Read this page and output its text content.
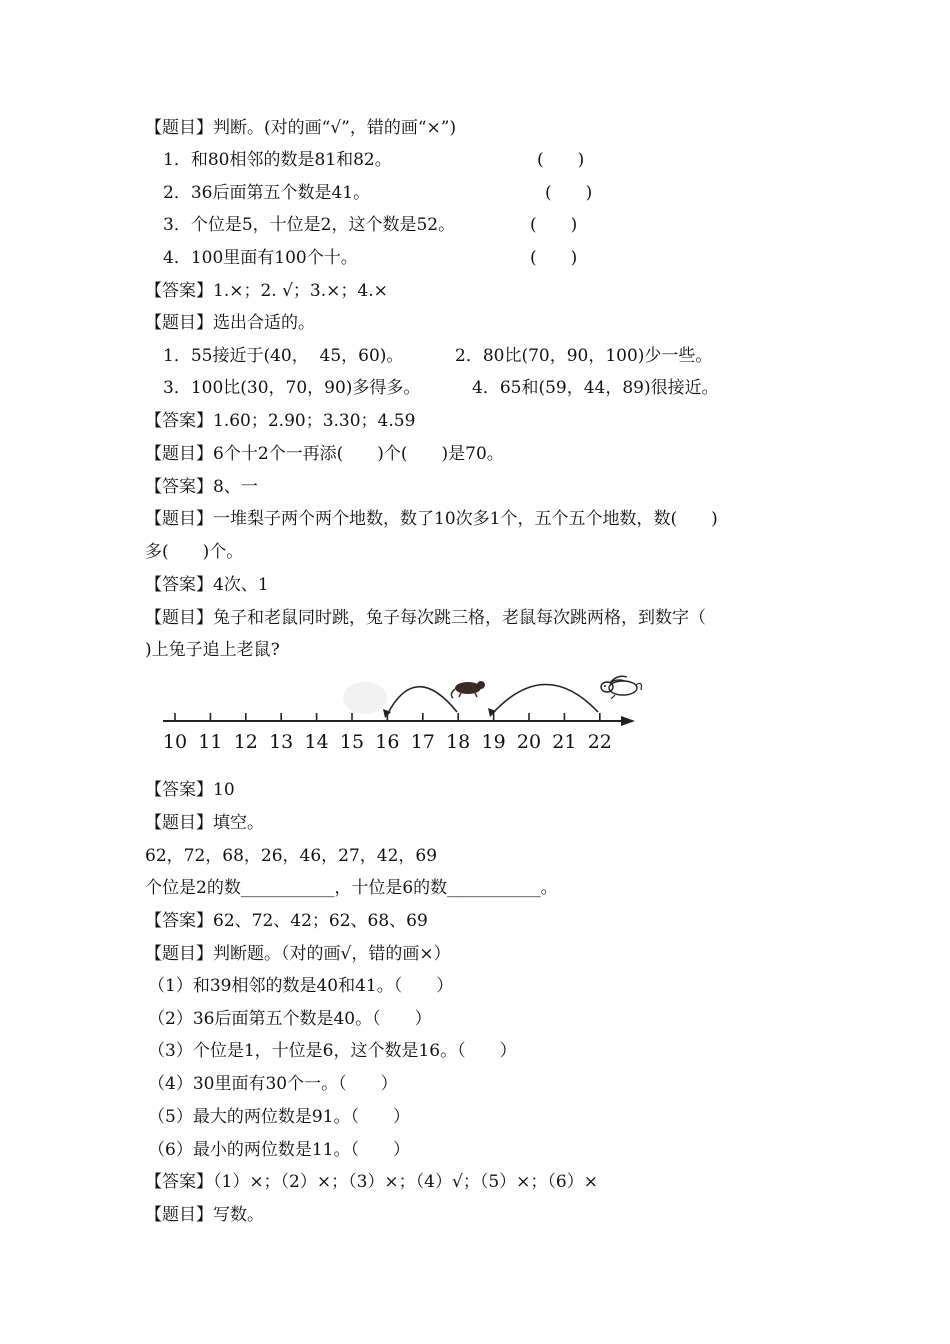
【题目】判断。(对的画“√”，错的画“×”)
1．和80相邻的数是81和82。	(　　)
2．36后面第五个数是41。	(　　)
3．个位是5，十位是2，这个数是52。	(　　)
4．100里面有100个十。	(　　)
【答案】1.×；2. √；3.×；4.×
【题目】选出合适的。
1．55接近于(40，  45，60)。	2．80比(70，90，100)少一些。
3．100比(30，70，90)多得多。	4．65和(59，44，89)很接近。
【答案】1.60；2.90；3.30；4.59
【题目】6个十2个一再添(　　)个(　　)是70。
【答案】8、一
【题目】一堆梨子两个两个地数，数了10次多1个，五个五个地数，数(　　)
多(　　)个。
【答案】4次、1
【题目】兔子和老鼠同时跳，兔子每次跳三格，老鼠每次跳两格，到数字（
)上兔子追上老鼠?
10 11 12 13 14 15 16 17 18 19 20 21 22
【答案】10
【题目】填空。
62，72，68，26，46，27，42，69
个位是2的数___________，十位是6的数___________。
【答案】62、72、42；62、68、69
【题目】判断题。（对的画√，错的画×）
（1）和39相邻的数是40和41。（　　）
（2）36后面第五个数是40。（　　）
（3）个位是1，十位是6，这个数是16。（　　）
（4）30里面有30个一。（　　）
（5）最大的两位数是91。（　　）
（6）最小的两位数是11。（　　）
【答案】（1）×；（2）×；（3）×；（4）√；（5）×；（6）×
【题目】写数。
